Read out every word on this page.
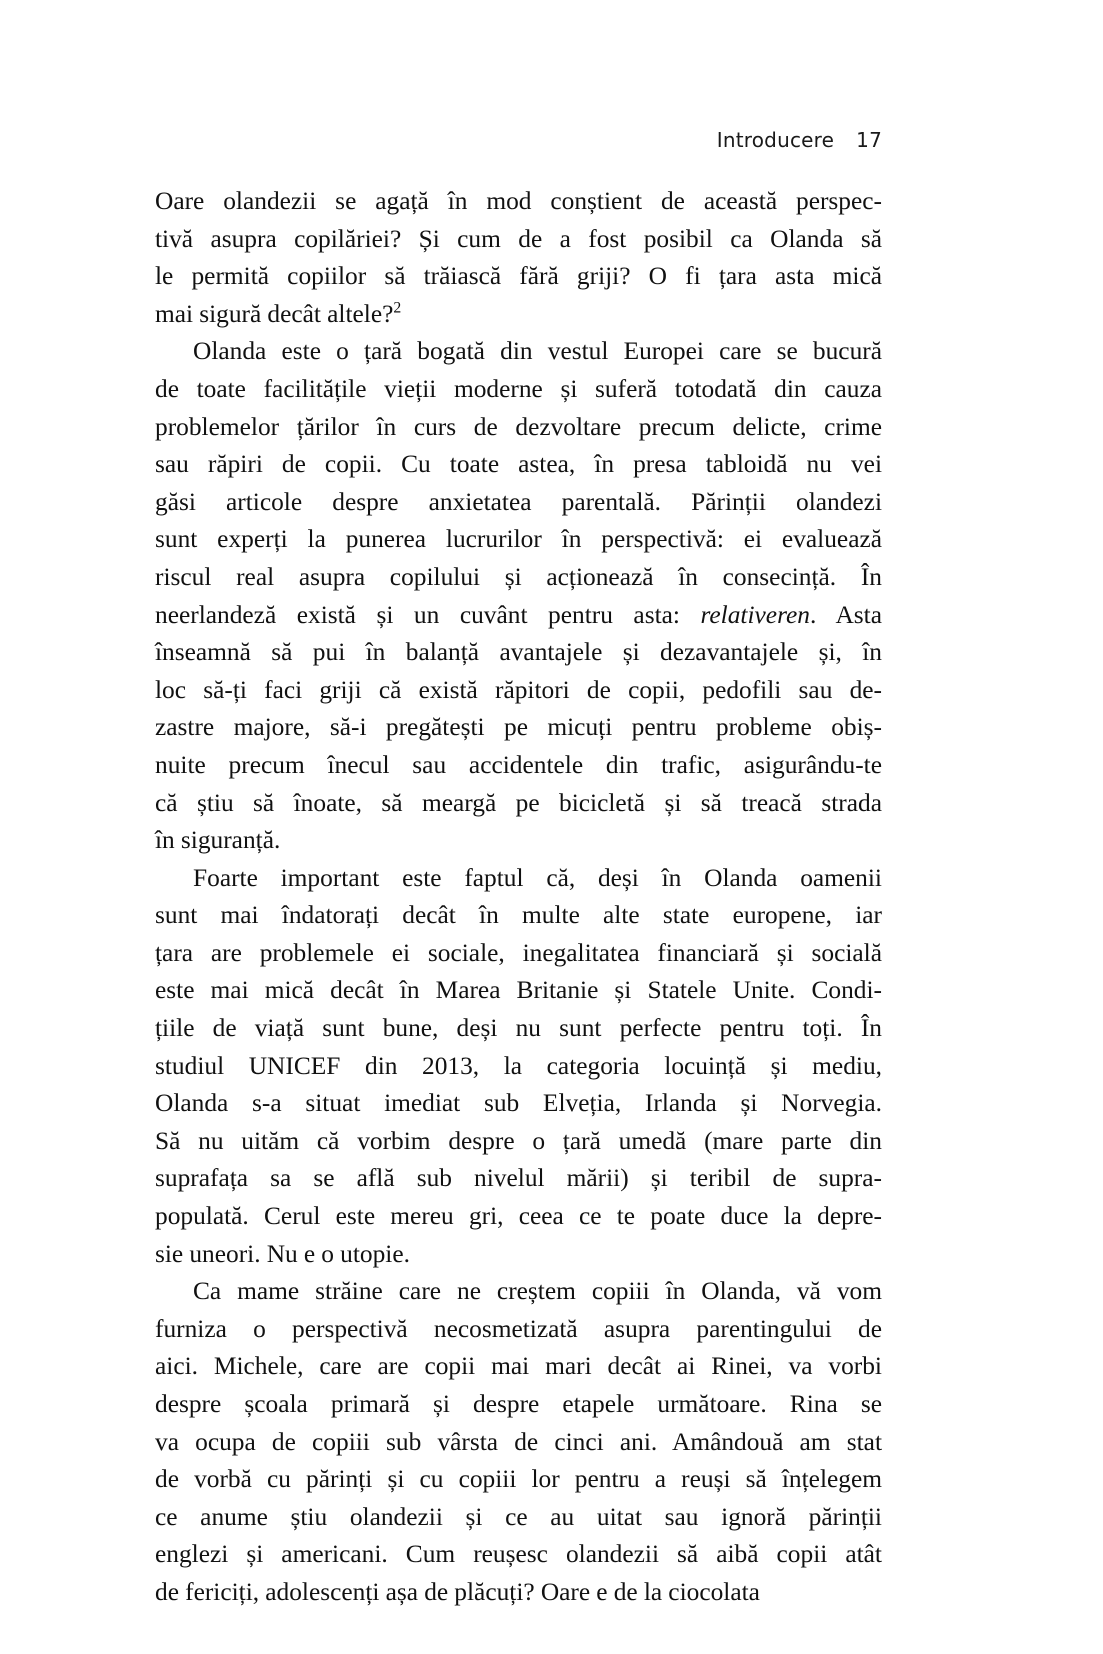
Introducere 17

Oare olandezii se agață în mod conștient de această perspec-
tivă asupra copilăriei? Și cum de a fost posibil ca Olanda să
le permită copiilor să trăiască fără griji? O fi țara asta mică
mai sigură decât altele?$^2$

Olanda este o țară bogată din vestul Europei care se bucură
de toate facilitățile vieții moderne și suferă totodată din cauza
problemelor țărilor în curs de dezvoltare precum delicte, crime
sau răpiri de copii. Cu toate astea, în presa tabloidă nu vei
găsi articole despre anxietatea parentală. Părinții olandezi
sunt experți la punerea lucrurilor în perspectivă: ei evaluează
riscul real asupra copilului și acționează în consecință. În
neerlandeză există și un cuvânt pentru asta: relativeren. Asta
înseamnă să pui în balanță avantajele și dezavantajele și, în
loc să-ți faci griji că există răpitori de copii, pedofili sau de-
zastre majore, să-i pregătești pe micuți pentru probleme obiș-
nuite precum înecul sau accidentele din trafic, asigurându-te
că știu să înoate, să meargă pe bicicletă și să treacă strada
în siguranță.

Foarte important este faptul că, deși în Olanda oamenii
sunt mai îndatorați decât în multe alte state europene, iar
țara are problemele ei sociale, inegalitatea financiară și socială
este mai mică decât în Marea Britanie și Statele Unite. Condi-
țiile de viață sunt bune, deși nu sunt perfecte pentru toți. În
studiul UNICEF din 2013, la categoria locuință și mediu,
Olanda s-a situat imediat sub Elveția, Irlanda și Norvegia.
Să nu uităm că vorbim despre o țară umedă (mare parte din
suprafața sa se află sub nivelul mării) și teribil de supra-
populată. Cerul este mereu gri, ceea ce te poate duce la depre-
sie uneori. Nu e o utopie.

Ca mame străine care ne creștem copiii în Olanda, vă vom
furniza o perspectivă necosmetizată asupra parentingului de
aici. Michele, care are copii mai mari decât ai Rinei, va vorbi
despre școala primară și despre etapele următoare. Rina se
va ocupa de copiii sub vârsta de cinci ani. Amândouă am stat
de vorbă cu părinți și cu copiii lor pentru a reuși să înțelegem
ce anume știu olandezii și ce au uitat sau ignoră părinții
englezi și americani. Cum reușesc olandezii să aibă copii atât
de fericiți, adolescenți așa de plăcuți? Oare e de la ciocolata
